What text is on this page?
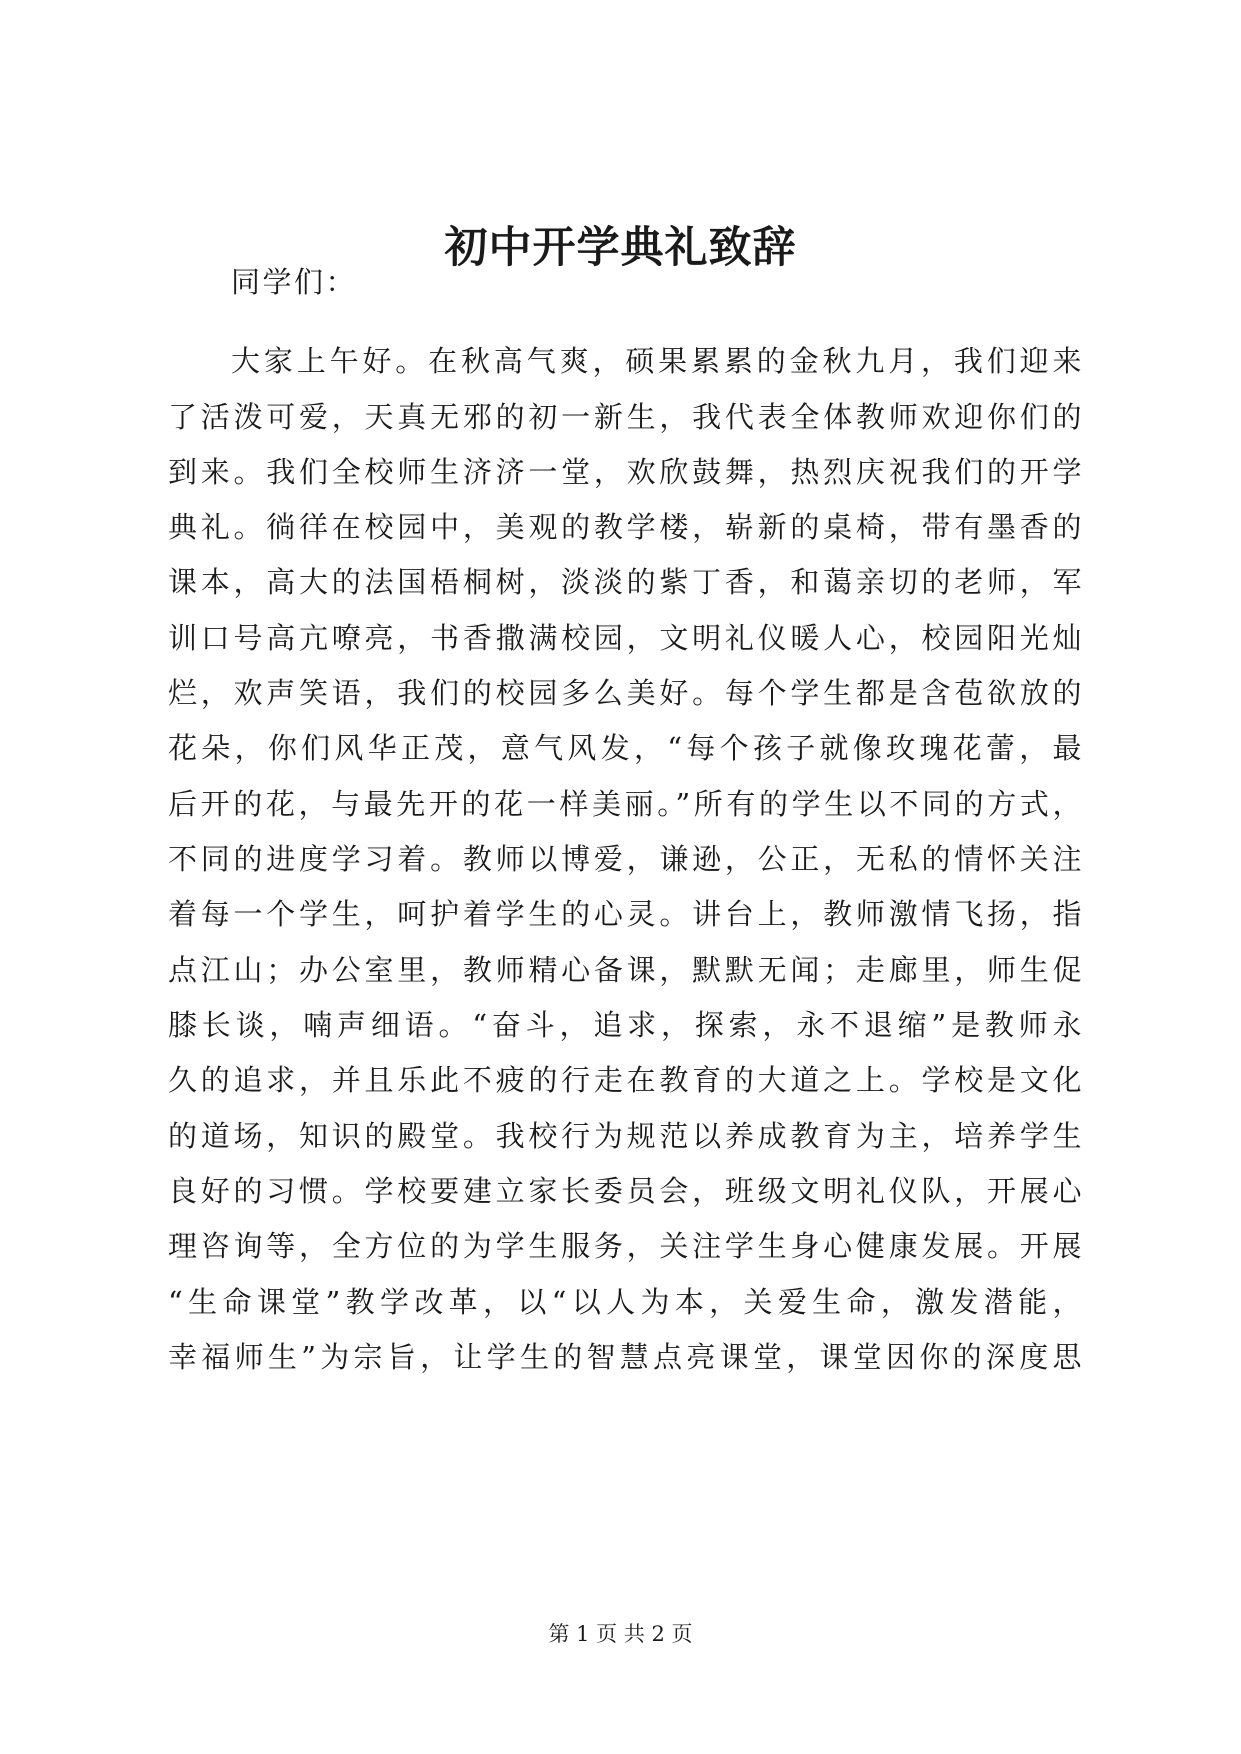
初中开学典礼致辞
同学们：
大家上午好。在秋高气爽，硕果累累的金秋九月，我们迎来
了活泼可爱，天真无邪的初一新生，我代表全体教师欢迎你们的
到来。我们全校师生济济一堂，欢欣鼓舞，热烈庆祝我们的开学
典礼。徜徉在校园中，美观的教学楼，崭新的桌椅，带有墨香的
课本，高大的法国梧桐树，淡淡的紫丁香，和蔼亲切的老师，军
训口号高亢嘹亮，书香撒满校园，文明礼仪暖人心，校园阳光灿
烂，欢声笑语，我们的校园多么美好。每个学生都是含苞欲放的
花朵，你们风华正茂，意气风发，“每个孩子就像玫瑰花蕾，最
后开的花，与最先开的花一样美丽。”所有的学生以不同的方式，
不同的进度学习着。教师以博爱，谦逊，公正，无私的情怀关注
着每一个学生，呵护着学生的心灵。讲台上，教师激情飞扬，指
点江山；办公室里，教师精心备课，默默无闻；走廊里，师生促
膝长谈，喃声细语。“奋斗，追求，探索，永不退缩”是教师永
久的追求，并且乐此不疲的行走在教育的大道之上。学校是文化
的道场，知识的殿堂。我校行为规范以养成教育为主，培养学生
良好的习惯。学校要建立家长委员会，班级文明礼仪队，开展心
理咨询等，全方位的为学生服务，关注学生身心健康发展。开展
“生命课堂”教学改革，以“以人为本，关爱生命，激发潜能，
幸福师生”为宗旨，让学生的智慧点亮课堂，课堂因你的深度思
第 1 页 共 2 页
